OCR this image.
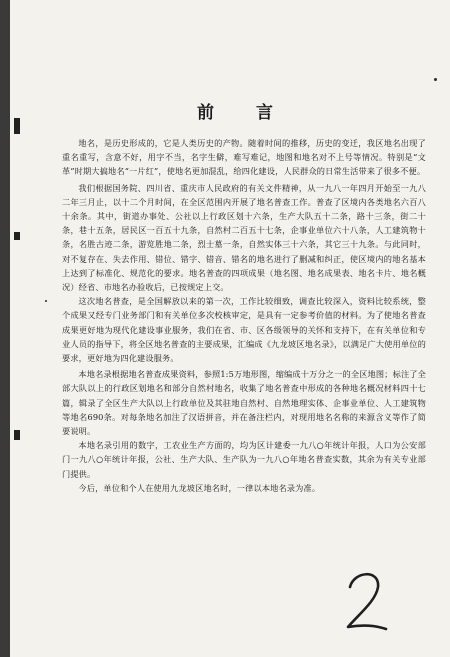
前 言

地名，是历史形成的，它是人类历史的产物。随着时间的推移，历史的变迁，我区地名出现了重名重写，含意不好，用字不当，名字生僻，难写难记，地图和地名对不上号等情况。特别是“文革”时期大搞地名“一片红”，使地名更加混乱，给四化建设，人民群众的日常生活带来了很多不便。

我们根据国务院、四川省、重庆市人民政府的有关文件精神，从一九八一年四月开始至一九八二年三月止，以十二个月时间，在全区范围内开展了地名普查工作。普查了区境内各类地名六百八十余条。其中，街道办事处、公社以上行政区划十六条，生产大队五十二条，路十三条，街二十条，巷十五条，居民区一百五十九条，自然村二百五十七条，企事业单位六十八条，人工建筑物十条，名胜古迹二条，游览胜地二条，烈士墓一条，自然实体三十六条，其它三十九条。与此同时，对不复存在、失去作用、错位、错字、错音、错名的地名进行了删减和纠正，使区境内的地名基本上达到了标准化、规范化的要求。地名普查的四项成果（地名图、地名成果表、地名卡片、地名概况）经省、市地名办验收后，已按规定上交。

这次地名普查，是全国解放以来的第一次，工作比较细致，调查比较深入，资料比较系统，整个成果又经专门业务部门和有关单位多次校核审定，是具有一定参考价值的材料。为了使地名普查成果更好地为现代化建设事业服务，我们在省、市、区各级领导的关怀和支持下，在有关单位和专业人员的指导下，将全区地名普查的主要成果，汇编成《九龙坡区地名录》，以满足广大使用单位的要求，更好地为四化建设服务。

本地名录根据地名普查成果资料，参照1:5万地形图，缩编成十万分之一的全区地图；标注了全部大队以上的行政区划地名和部分自然村地名，收集了地名普查中形成的各种地名概况材料四十七篇，辑录了全区生产大队以上行政单位及其驻地自然村、自然地理实体、企事业单位、人工建筑物等地名690条。对每条地名加注了汉语拼音，并在备注栏内，对现用地名名称的来源含义等作了简要说明。

本地名录引用的数字，工农业生产方面的，均为区计建委一九八○年统计年报，人口为公安部门一九八○年统计年报，公社、生产大队、生产队为一九八○年地名普查实数，其余为有关专业部门提供。

今后，单位和个人在使用九龙坡区地名时，一律以本地名录为准。
